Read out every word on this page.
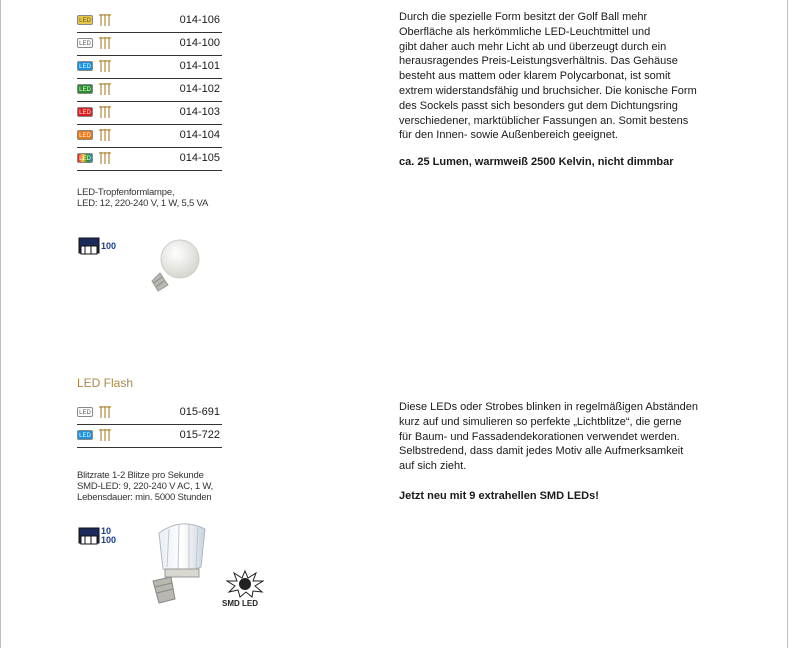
LED	014-106
LED	014-100
LED	014-101
LED	014-102
LED	014-103
LED	014-104
LED	014-105
LED-Tropfenformlampe,
LED: 12, 220-240 V, 1 W, 5,5 VA
100
Durch die spezielle Form besitzt der Golf Ball mehr
Oberfläche als herkömmliche LED-Leuchtmittel und
gibt daher auch mehr Licht ab und überzeugt durch ein
herausragendes Preis-Leistungsverhältnis. Das Gehäuse
besteht aus mattem oder klarem Polycarbonat, ist somit
extrem widerstandsfähig und bruchsicher. Die konische Form
des Sockels passt sich besonders gut dem Dichtungsring
verschiedener, marktüblicher Fassungen an. Somit bestens
für den Innen- sowie Außenbereich geeignet.
ca. 25 Lumen, warmweiß 2500 Kelvin, nicht dimmbar
LED Flash
LED	015-691
LED	015-722
Blitzrate 1-2 Blitze pro Sekunde
SMD-LED: 9, 220-240 V AC, 1 W,
Lebensdauer: min. 5000 Stunden
10
100
SMD LED
Diese LEDs oder Strobes blinken in regelmäßigen Abständen
kurz auf und simulieren so perfekte „Lichtblitze“, die gerne
für Baum- und Fassadendekorationen verwendet werden.
Selbstredend, dass damit jedes Motiv alle Aufmerksamkeit
auf sich zieht.
Jetzt neu mit 9 extrahellen SMD LEDs!
